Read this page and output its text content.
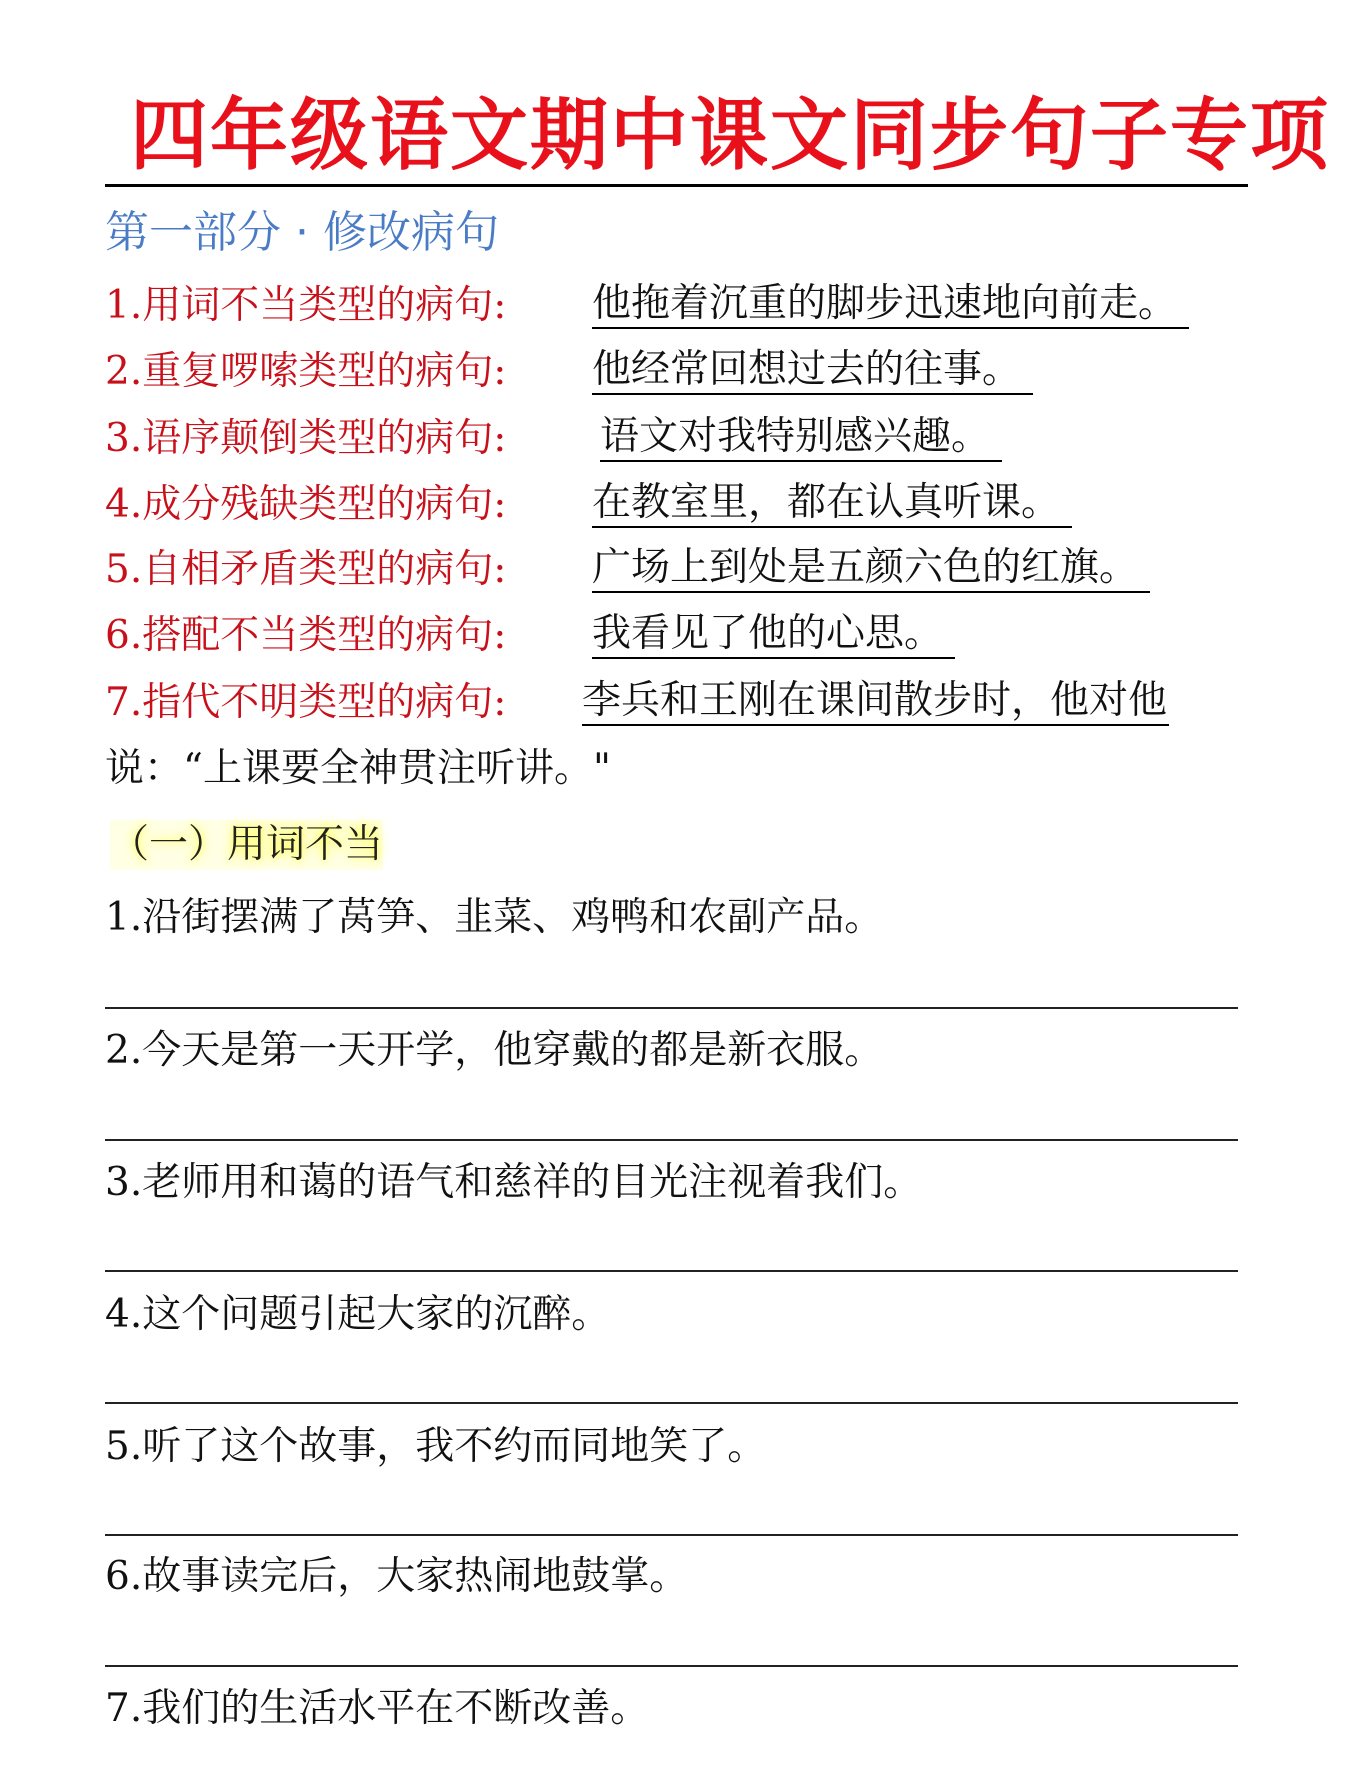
四年级语文期中课文同步句子专项
第一部分 · 修改病句
1.用词不当类型的病句: 他拖着沉重的脚步迅速地向前走。
2.重复啰嗦类型的病句: 他经常回想过去的往事。
3.语序颠倒类型的病句: 语文对我特别感兴趣。
4.成分残缺类型的病句: 在教室里，都在认真听课。
5.自相矛盾类型的病句: 广场上到处是五颜六色的红旗。
6.搭配不当类型的病句: 我看见了他的心思。
7.指代不明类型的病句: 李兵和王刚在课间散步时，他对他
说：“上课要全神贯注听讲。"
（一）用词不当
1.沿街摆满了莴笋、韭菜、鸡鸭和农副产品。
2.今天是第一天开学，他穿戴的都是新衣服。
3.老师用和蔼的语气和慈祥的目光注视着我们。
4.这个问题引起大家的沉醉。
5.听了这个故事，我不约而同地笑了。
6.故事读完后，大家热闹地鼓掌。
7.我们的生活水平在不断改善。
